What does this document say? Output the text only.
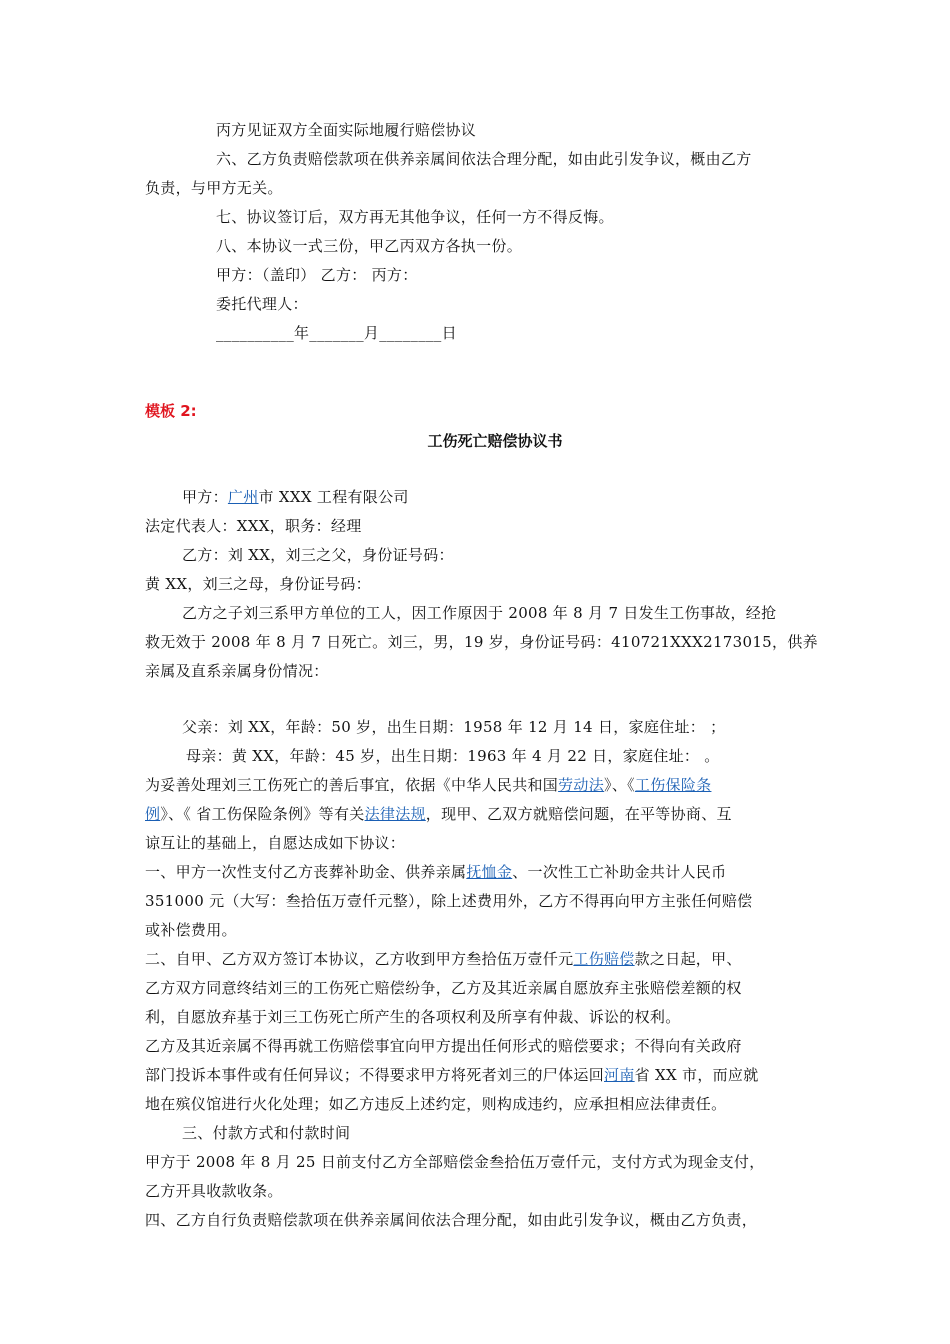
丙方见证双方全面实际地履行赔偿协议
六、乙方负责赔偿款项在供养亲属间依法合理分配，如由此引发争议，概由乙方
负责，与甲方无关。
七、协议签订后，双方再无其他争议，任何一方不得反悔。
八、本协议一式三份，甲乙丙双方各执一份。
甲方：（盖印） 乙方： 丙方：
委托代理人：
__________年_______月________日
模板 2:
工伤死亡赔偿协议书
甲方：广州市 XXX 工程有限公司
法定代表人：XXX，职务：经理
乙方：刘 XX，刘三之父，身份证号码：
黄 XX，刘三之母，身份证号码：
乙方之子刘三系甲方单位的工人，因工作原因于 2008 年 8 月 7 日发生工伤事故，经抢
救无效于 2008 年 8 月 7 日死亡。刘三，男，19 岁，身份证号码：410721XXX2173015，供养
亲属及直系亲属身份情况：
父亲：刘 XX，年龄：50 岁，出生日期：1958 年 12 月 14 日，家庭住址： ；
母亲：黄 XX，年龄：45 岁，出生日期：1963 年 4 月 22 日，家庭住址： 。
为妥善处理刘三工伤死亡的善后事宜，依据《中华人民共和国劳动法》、《工伤保险条
例》、《 省工伤保险条例》等有关法律法规，现甲、乙双方就赔偿问题，在平等协商、互
谅互让的基础上，自愿达成如下协议：
一、甲方一次性支付乙方丧葬补助金、供养亲属抚恤金、一次性工亡补助金共计人民币
351000 元（大写：叁拾伍万壹仟元整），除上述费用外，乙方不得再向甲方主张任何赔偿
或补偿费用。
二、自甲、乙方双方签订本协议，乙方收到甲方叁拾伍万壹仟元工伤赔偿款之日起，甲、
乙方双方同意终结刘三的工伤死亡赔偿纷争，乙方及其近亲属自愿放弃主张赔偿差额的权
利，自愿放弃基于刘三工伤死亡所产生的各项权利及所享有仲裁、诉讼的权利。
乙方及其近亲属不得再就工伤赔偿事宜向甲方提出任何形式的赔偿要求；不得向有关政府
部门投诉本事件或有任何异议；不得要求甲方将死者刘三的尸体运回河南省 XX 市，而应就
地在殡仪馆进行火化处理；如乙方违反上述约定，则构成违约，应承担相应法律责任。
三、付款方式和付款时间
甲方于 2008 年 8 月 25 日前支付乙方全部赔偿金叁拾伍万壹仟元，支付方式为现金支付，
乙方开具收款收条。
四、乙方自行负责赔偿款项在供养亲属间依法合理分配，如由此引发争议，概由乙方负责，
